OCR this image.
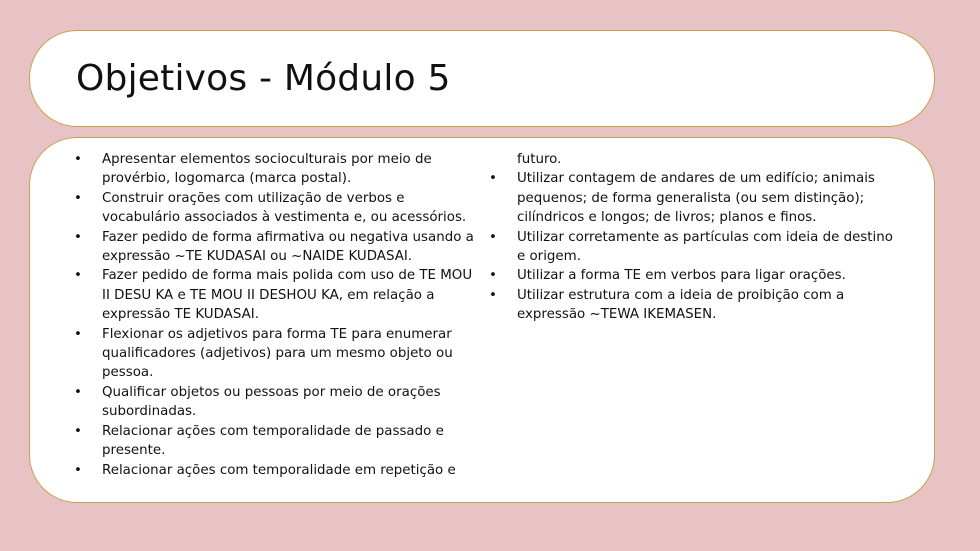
Objetivos - Módulo 5
• Apresentar elementos socioculturais por meio de provérbio, logomarca (marca postal).
• Construir orações com utilização de verbos e vocabulário associados à vestimenta e, ou acessórios.
• Fazer pedido de forma afirmativa ou negativa usando a expressão ~TE KUDASAI ou ~NAIDE KUDASAI.
• Fazer pedido de forma mais polida com uso de TE MOU II DESU KA e TE MOU II DESHOU KA, em relação a expressão TE KUDASAI.
• Flexionar os adjetivos para forma TE para enumerar qualificadores (adjetivos) para um mesmo objeto ou pessoa.
• Qualificar objetos ou pessoas por meio de orações subordinadas.
• Relacionar ações com temporalidade de passado e presente.
• Relacionar ações com temporalidade em repetição e
futuro.
• Utilizar contagem de andares de um edifício; animais pequenos; de forma generalista (ou sem distinção); cilíndricos e longos; de livros; planos e finos.
• Utilizar corretamente as partículas com ideia de destino e origem.
• Utilizar a forma TE em verbos para ligar orações.
• Utilizar estrutura com a ideia de proibição com a expressão ~TEWA IKEMASEN.
